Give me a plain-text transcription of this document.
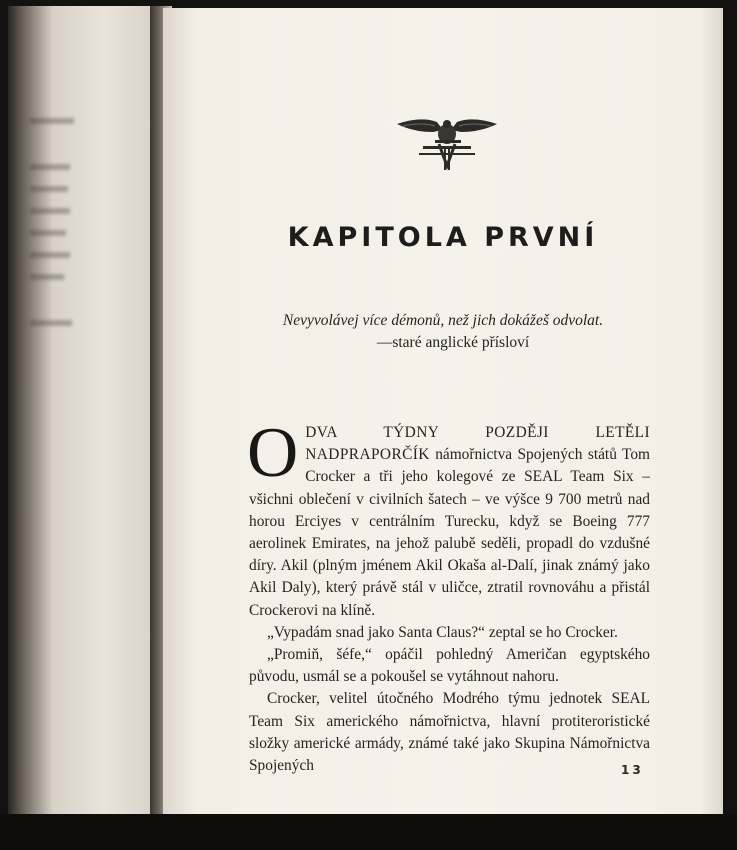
KAPITOLA PRVNÍ
Nevyvolávej více démonů, než jich dokážeš odvolat.
—staré anglické přísloví

O DVA TÝDNY POZDĚJI LETĚLI NADPRAPORČÍK námořnictva Spojených států Tom Crocker a tři jeho kolegové ze SEAL Team Six – všichni oblečení v civilních šatech – ve výšce 9 700 metrů nad horou Erciyes v centrálním Turecku, když se Boeing 777 aerolinek Emirates, na jehož palubě seděli, propadl do vzdušné díry. Akil (plným jménem Akil Okaša al-Dalí, jinak známý jako Akil Daly), který právě stál v uličce, ztratil rovnováhu a přistál Crockerovi na klíně.

„Vypadám snad jako Santa Claus?“ zeptal se ho Crocker.

„Promiň, šéfe,“ opáčil pohledný Američan egyptského původu, usmál se a pokoušel se vytáhnout nahoru.

Crocker, velitel útočného Modrého týmu jednotek SEAL Team Six amerického námořnictva, hlavní protiteroristické složky americké armády, známé také jako Skupina Námořnictva Spojených	13
